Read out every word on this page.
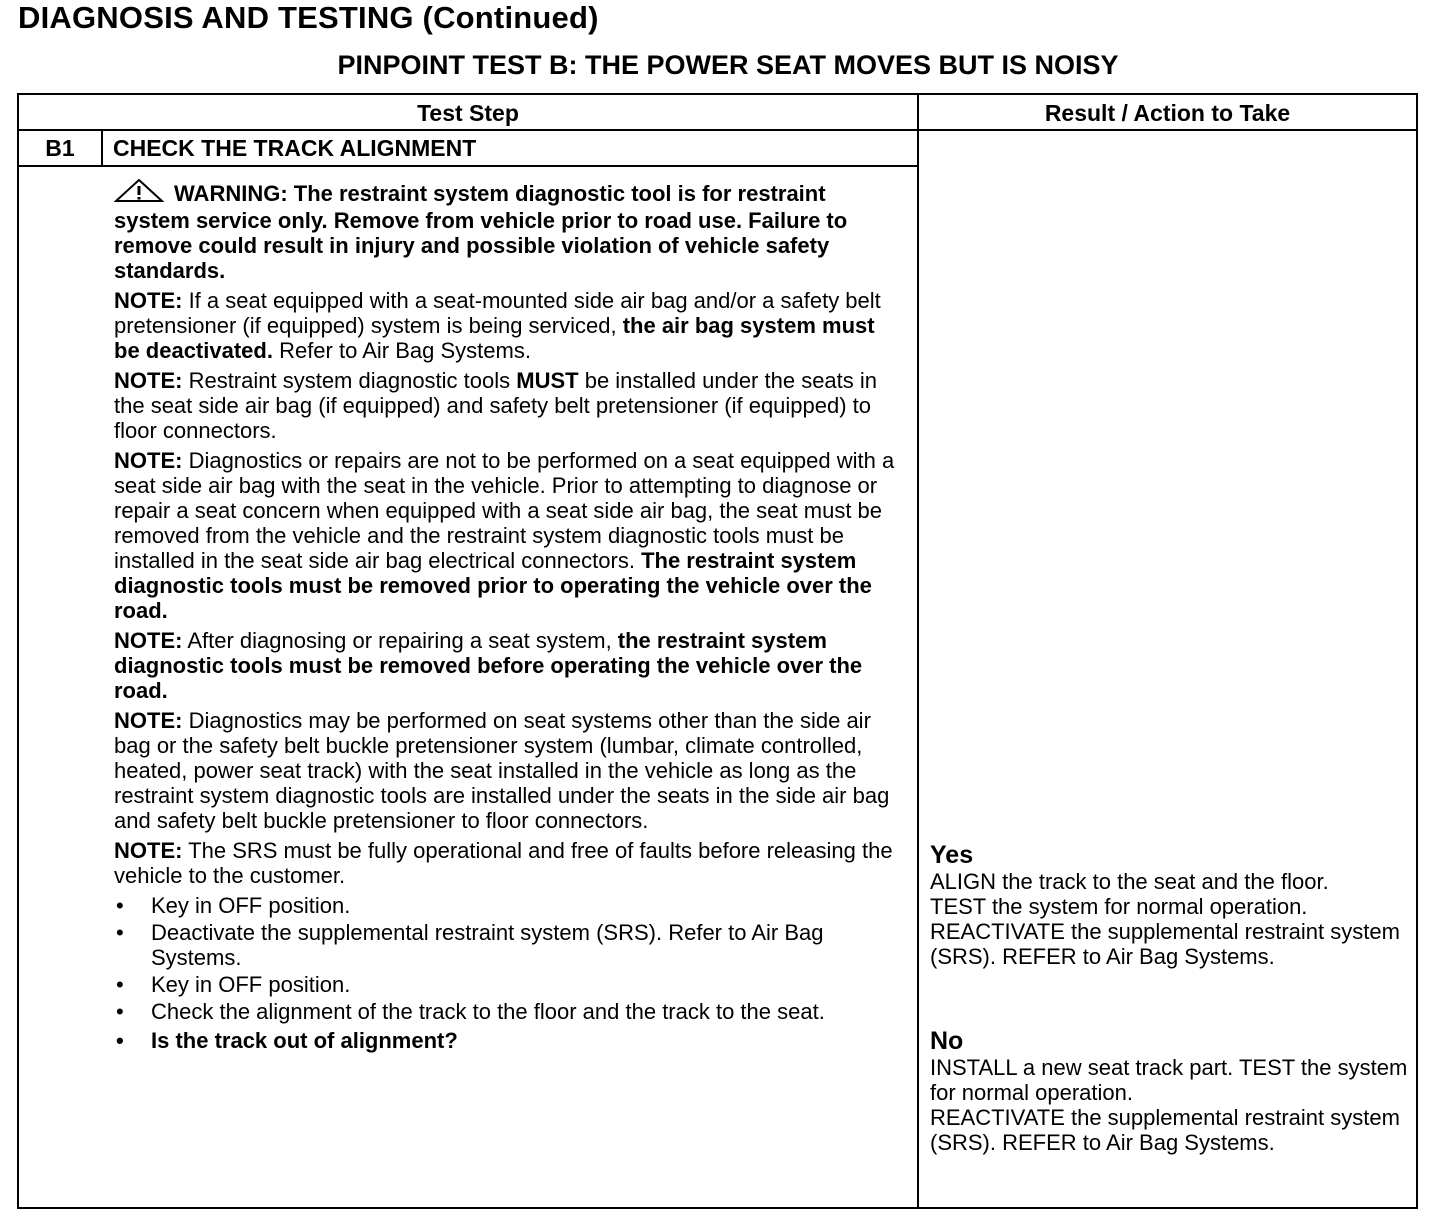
DIAGNOSIS AND TESTING (Continued)
PINPOINT TEST B: THE POWER SEAT MOVES BUT IS NOISY
Test Step	Result / Action to Take
B1	CHECK THE TRACK ALIGNMENT

WARNING: The restraint system diagnostic tool is for restraint system service only. Remove from vehicle prior to road use. Failure to remove could result in injury and possible violation of vehicle safety standards.

NOTE: If a seat equipped with a seat-mounted side air bag and/or a safety belt pretensioner (if equipped) system is being serviced, the air bag system must be deactivated. Refer to Air Bag Systems.

NOTE: Restraint system diagnostic tools MUST be installed under the seats in the seat side air bag (if equipped) and safety belt pretensioner (if equipped) to floor connectors.

NOTE: Diagnostics or repairs are not to be performed on a seat equipped with a seat side air bag with the seat in the vehicle. Prior to attempting to diagnose or repair a seat concern when equipped with a seat side air bag, the seat must be removed from the vehicle and the restraint system diagnostic tools must be installed in the seat side air bag electrical connectors. The restraint system diagnostic tools must be removed prior to operating the vehicle over the road.

NOTE: After diagnosing or repairing a seat system, the restraint system diagnostic tools must be removed before operating the vehicle over the road.

NOTE: Diagnostics may be performed on seat systems other than the side air bag or the safety belt buckle pretensioner system (lumbar, climate controlled, heated, power seat track) with the seat installed in the vehicle as long as the restraint system diagnostic tools are installed under the seats in the side air bag and safety belt buckle pretensioner to floor connectors.

NOTE: The SRS must be fully operational and free of faults before releasing the vehicle to the customer.

• Key in OFF position.
• Deactivate the supplemental restraint system (SRS). Refer to Air Bag Systems.
• Key in OFF position.
• Check the alignment of the track to the floor and the track to the seat.
• Is the track out of alignment?
Yes
ALIGN the track to the seat and the floor.
TEST the system for normal operation.
REACTIVATE the supplemental restraint system (SRS). REFER to Air Bag Systems.
No
INSTALL a new seat track part. TEST the system for normal operation.
REACTIVATE the supplemental restraint system (SRS). REFER to Air Bag Systems.
